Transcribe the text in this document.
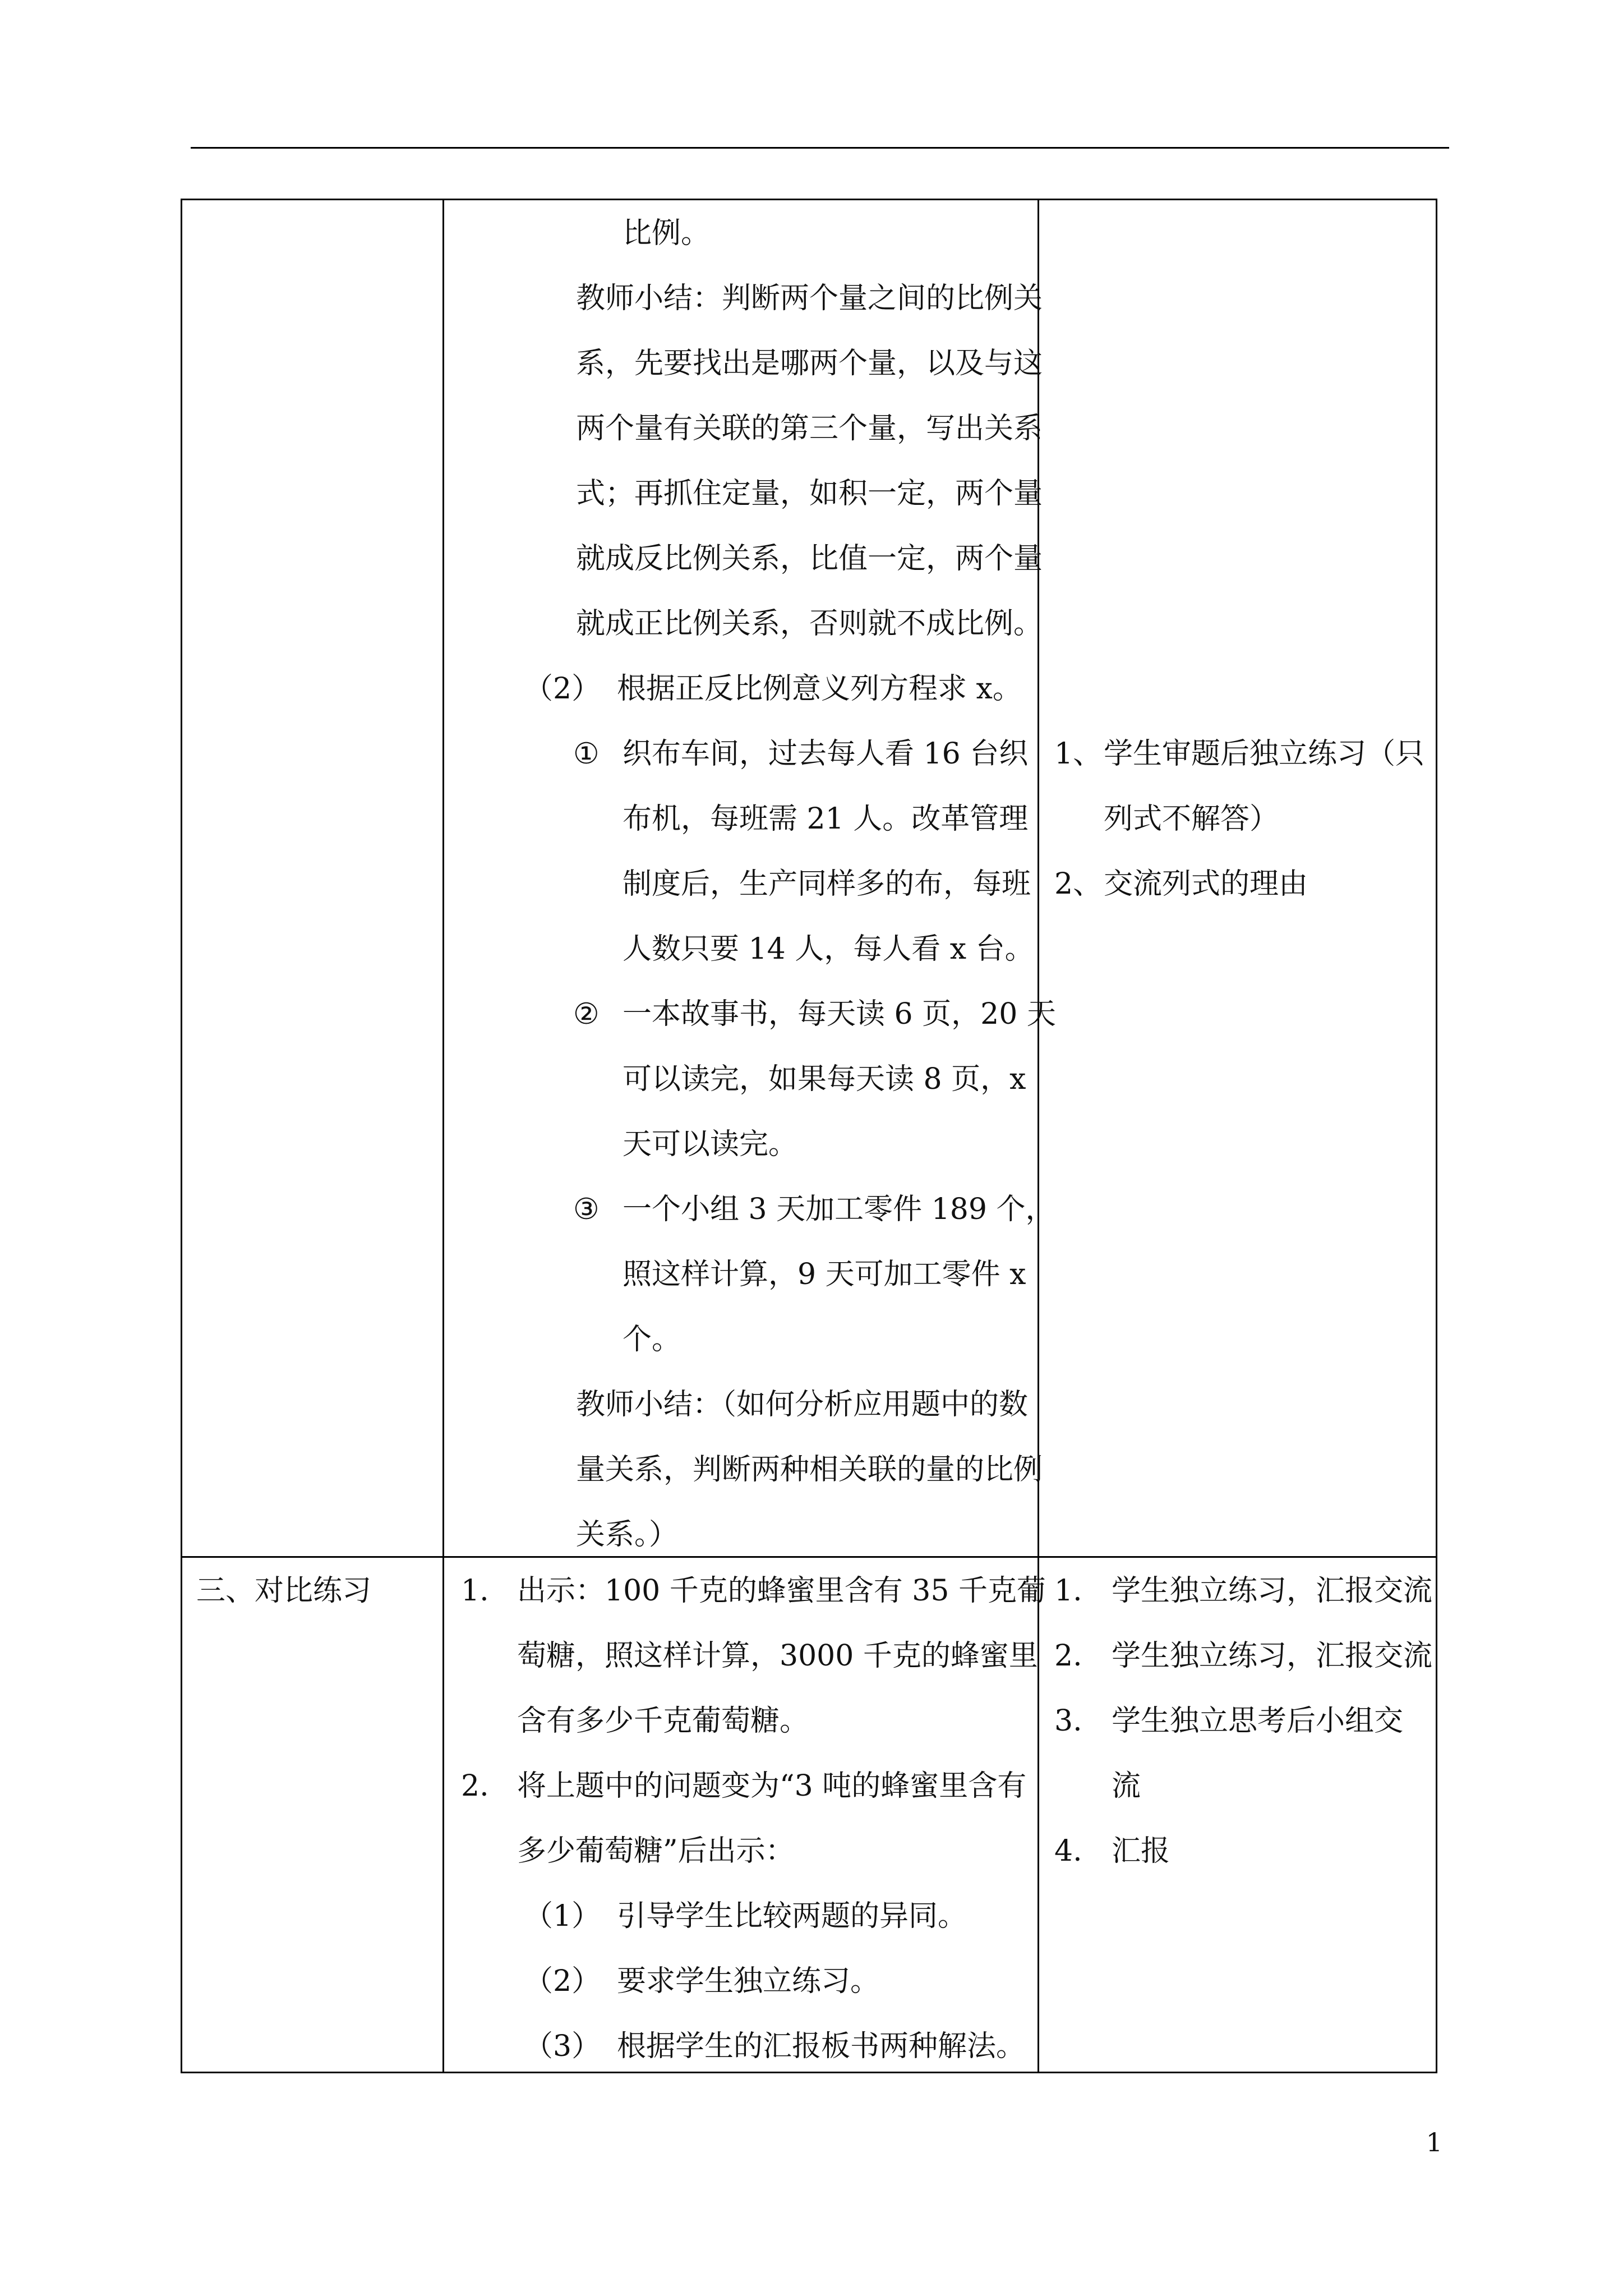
比例。
教师小结：判断两个量之间的比例关
系，先要找出是哪两个量，以及与这
两个量有关联的第三个量，写出关系
式；再抓住定量，如积一定，两个量
就成反比例关系，比值一定，两个量
就成正比例关系，否则就不成比例。
（2） 根据正反比例意义列方程求 x。
① 织布车间，过去每人看 16 台织
布机，每班需 21 人。改革管理
制度后，生产同样多的布，每班
人数只要 14 人，每人看 x 台。
② 一本故事书，每天读 6 页，20 天
可以读完，如果每天读 8 页，x
天可以读完。
③ 一个小组 3 天加工零件 189 个，
照这样计算，9 天可加工零件 x
个。
教师小结：（如何分析应用题中的数
量关系，判断两种相关联的量的比例
关系。）
1、 学生审题后独立练习（只
列式不解答）
2、 交流列式的理由
三、对比练习	1. 出示：100 千克的蜂蜜里含有 35 千克葡
萄糖，照这样计算，3000 千克的蜂蜜里
含有多少千克葡萄糖。
2. 将上题中的问题变为“3 吨的蜂蜜里含有
多少葡萄糖”后出示：
（1） 引导学生比较两题的异同。
（2） 要求学生独立练习。
（3） 根据学生的汇报板书两种解法。
1. 学生独立练习，汇报交流
2. 学生独立练习，汇报交流
3. 学生独立思考后小组交
流
4. 汇报
1
